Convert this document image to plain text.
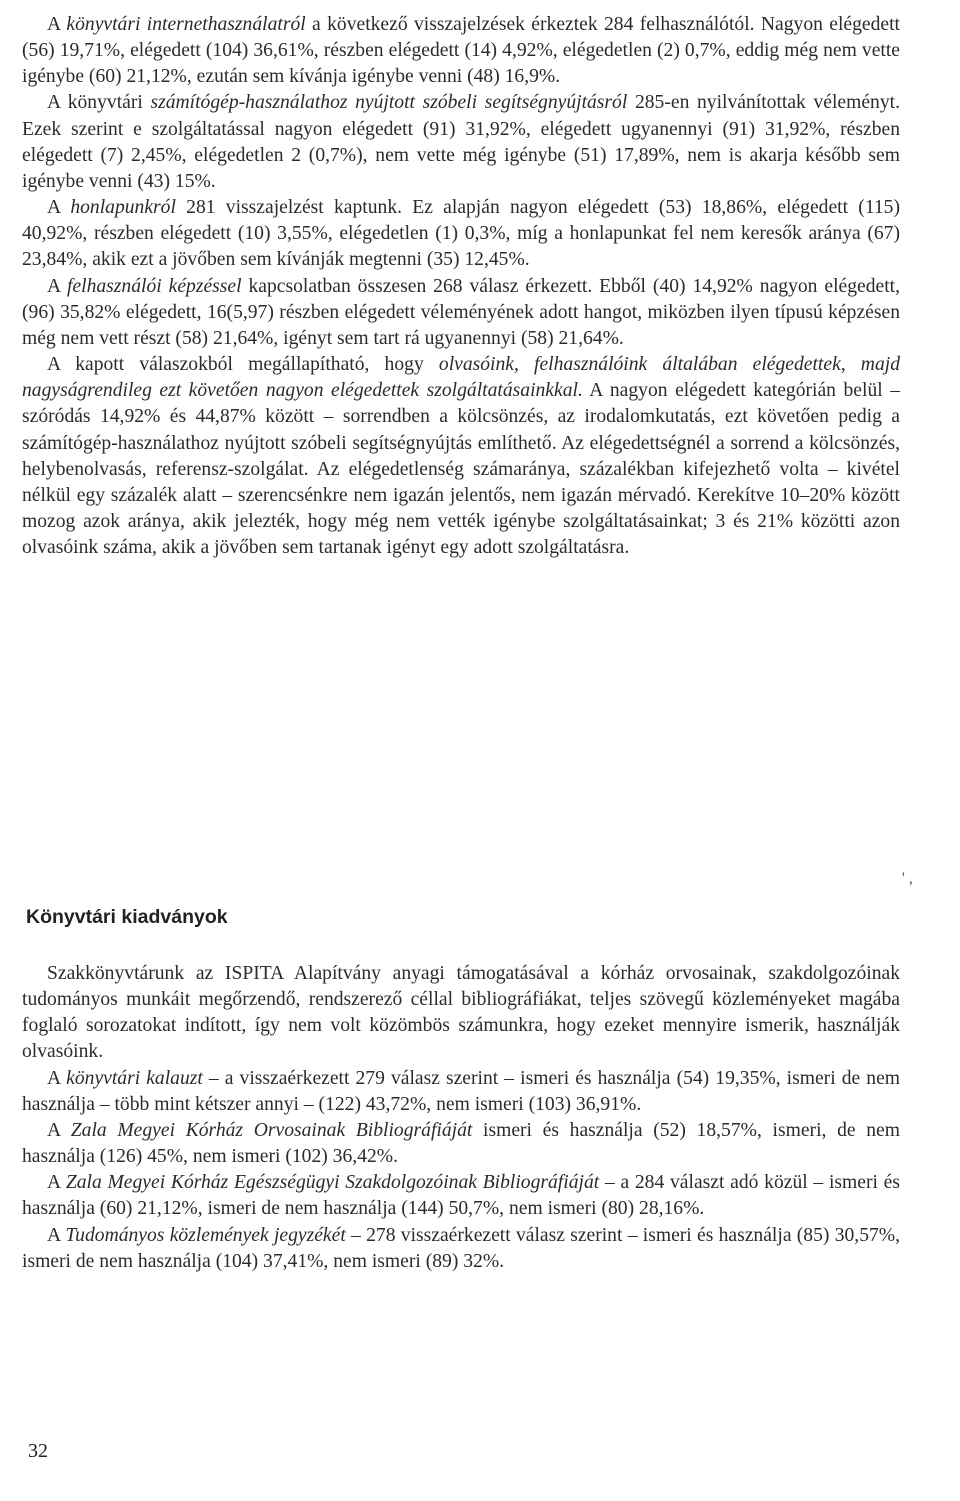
A könyvtári internethasználatról a következő visszajelzések érkeztek 284 felhasználótól. Nagyon elégedett (56) 19,71%, elégedett (104) 36,61%, részben elégedett (14) 4,92%, elégedetlen (2) 0,7%, eddig még nem vette igénybe (60) 21,12%, ezután sem kívánja igénybe venni (48) 16,9%.

A könyvtári számítógép-használathoz nyújtott szóbeli segítségnyújtásról 285-en nyilvánítottak véleményt. Ezek szerint e szolgáltatással nagyon elégedett (91) 31,92%, elégedett ugyanennyi (91) 31,92%, részben elégedett (7) 2,45%, elégedetlen 2 (0,7%), nem vette még igénybe (51) 17,89%, nem is akarja később sem igénybe venni (43) 15%.

A honlapunkról 281 visszajelzést kaptunk. Ez alapján nagyon elégedett (53) 18,86%, elégedett (115) 40,92%, részben elégedett (10) 3,55%, elégedetlen (1) 0,3%, míg a honlapunkat fel nem keresők aránya (67) 23,84%, akik ezt a jövőben sem kívánják megtenni (35) 12,45%.

A felhasználói képzéssel kapcsolatban összesen 268 válasz érkezett. Ebből (40) 14,92% nagyon elégedett, (96) 35,82% elégedett, 16(5,97) részben elégedett véleményének adott hangot, miközben ilyen típusú képzésen még nem vett részt (58) 21,64%, igényt sem tart rá ugyanennyi (58) 21,64%.

A kapott válaszokból megállapítható, hogy olvasóink, felhasználóink általában elégedettek, majd nagyságrendileg ezt követően nagyon elégedettek szolgáltatásainkkal. A nagyon elégedett kategórián belül – szóródás 14,92% és 44,87% között – sorrendben a kölcsönzés, az irodalomkutatás, ezt követően pedig a számítógép-használathoz nyújtott szóbeli segítségnyújtás említhető. Az elégedettségnél a sorrend a kölcsönzés, helybenolvasás, referensz-szolgálat. Az elégedetlenség számaránya, százalékban kifejezhető volta – kivétel nélkül egy százalék alatt – szerencsénkre nem igazán jelentős, nem igazán mérvadó. Kerekítve 10–20% között mozog azok aránya, akik jelezték, hogy még nem vették igénybe szolgáltatásainkat; 3 és 21% közötti azon olvasóink száma, akik a jövőben sem tartanak igényt egy adott szolgáltatásra.

' ,
Könyvtári kiadványok

Szakkönyvtárunk az ISPITA Alapítvány anyagi támogatásával a kórház orvosainak, szakdolgozóinak tudományos munkáit megőrzendő, rendszerező céllal bibliográfiákat, teljes szövegű közleményeket magába foglaló sorozatokat indított, így nem volt közömbös számunkra, hogy ezeket mennyire ismerik, használják olvasóink.

A könyvtári kalauzt – a visszaérkezett 279 válasz szerint – ismeri és használja (54) 19,35%, ismeri de nem használja – több mint kétszer annyi – (122) 43,72%, nem ismeri (103) 36,91%.

A Zala Megyei Kórház Orvosainak Bibliográfiáját ismeri és használja (52) 18,57%, ismeri, de nem használja (126) 45%, nem ismeri (102) 36,42%.

A Zala Megyei Kórház Egészségügyi Szakdolgozóinak Bibliográfiáját – a 284 választ adó közül – ismeri és használja (60) 21,12%, ismeri de nem használja (144) 50,7%, nem ismeri (80) 28,16%.

A Tudományos közlemények jegyzékét – 278 visszaérkezett válasz szerint – ismeri és használja (85) 30,57%, ismeri de nem használja (104) 37,41%, nem ismeri (89) 32%.

32
